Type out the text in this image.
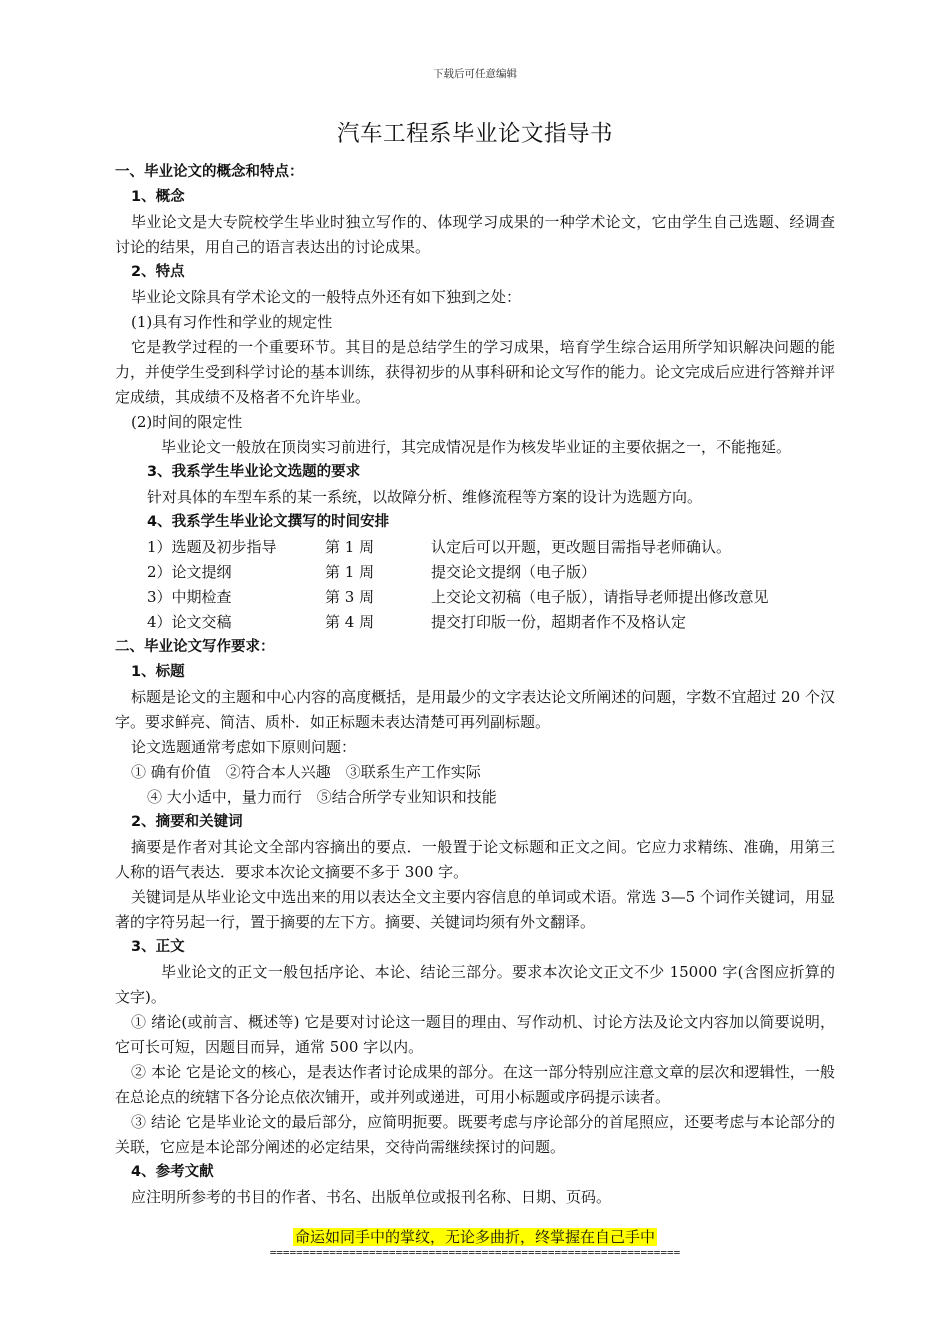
下载后可任意编辑
汽车工程系毕业论文指导书
一、毕业论文的概念和特点：
1、概念
毕业论文是大专院校学生毕业时独立写作的、体现学习成果的一种学术论文，它由学生自己选题、经调查讨论的结果，用自己的语言表达出的讨论成果。
2、特点
毕业论文除具有学术论文的一般特点外还有如下独到之处：
(1)具有习作性和学业的规定性
它是教学过程的一个重要环节。其目的是总结学生的学习成果，培育学生综合运用所学知识解决问题的能力，并使学生受到科学讨论的基本训练，获得初步的从事科研和论文写作的能力。论文完成后应进行答辩并评定成绩，其成绩不及格者不允许毕业。
(2)时间的限定性
毕业论文一般放在顶岗实习前进行，其完成情况是作为核发毕业证的主要依据之一，不能拖延。
3、我系学生毕业论文选题的要求
针对具体的车型车系的某一系统，以故障分析、维修流程等方案的设计为选题方向。
4、我系学生毕业论文撰写的时间安排
1）选题及初步指导	第 1 周	认定后可以开题，更改题目需指导老师确认。
2）论文提纲	第 1 周	提交论文提纲（电子版）
3）中期检查	第 3 周	上交论文初稿（电子版），请指导老师提出修改意见
4）论文交稿	第 4 周	提交打印版一份，超期者作不及格认定
二、毕业论文写作要求：
1、标题
标题是论文的主题和中心内容的高度概括，是用最少的文字表达论文所阐述的问题，字数不宜超过 20 个汉字。要求鲜亮、简洁、质朴．如正标题未表达清楚可再列副标题。
论文选题通常考虑如下原则问题：
① 确有价值　②符合本人兴趣　③联系生产工作实际
④ 大小适中，量力而行　⑤结合所学专业知识和技能
2、摘要和关键词
摘要是作者对其论文全部内容摘出的要点．一般置于论文标题和正文之间。它应力求精练、准确，用第三人称的语气表达．要求本次论文摘要不多于 300 字。
关键词是从毕业论文中选出来的用以表达全文主要内容信息的单词或术语。常选 3—5 个词作关键词，用显著的字符另起一行，置于摘要的左下方。摘要、关键词均须有外文翻译。
3、正文
毕业论文的正文一般包括序论、本论、结论三部分。要求本次论文正文不少 15000 字(含图应折算的文字)。
① 绪论(或前言、概述等) 它是要对讨论这一题目的理由、写作动机、讨论方法及论文内容加以简要说明，它可长可短，因题目而异，通常 500 字以内。
② 本论 它是论文的核心，是表达作者讨论成果的部分。在这一部分特别应注意文章的层次和逻辑性，一般在总论点的统辖下各分论点依次铺开，或并列或递进，可用小标题或序码提示读者。
③ 结论 它是毕业论文的最后部分，应简明扼要。既要考虑与序论部分的首尾照应，还要考虑与本论部分的关联，它应是本论部分阐述的必定结果，交待尚需继续探讨的问题。
4、参考文献
应注明所参考的书目的作者、书名、出版单位或报刊名称、日期、页码。
命运如同手中的掌纹，无论多曲折，终掌握在自己手中
==============================================================
